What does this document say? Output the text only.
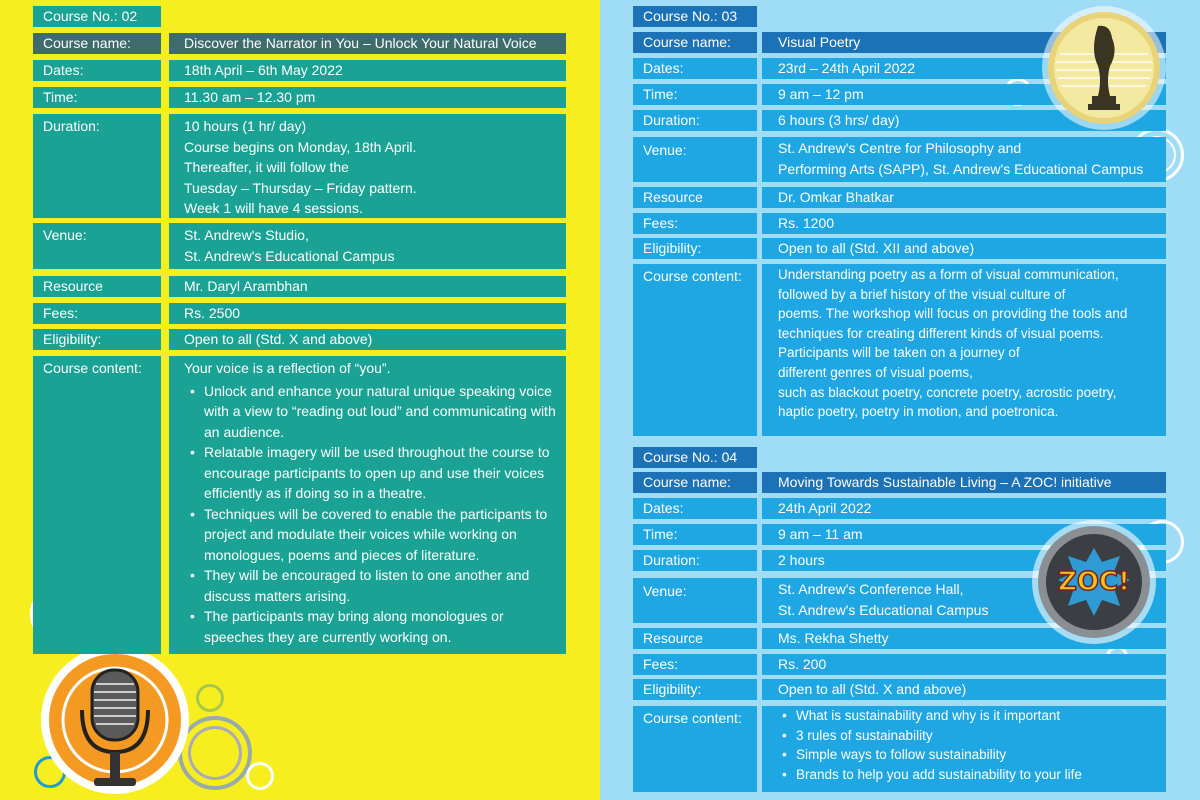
Course No.: 02
Course name:	Discover the Narrator in You – Unlock Your Natural Voice
Dates:	18th April – 6th May 2022
Time:	11.30 am – 12.30 pm
Duration:	10 hours (1 hr/ day)
Course begins on Monday, 18th April.
Thereafter, it will follow the
Tuesday – Thursday – Friday pattern.
Week 1 will have 4 sessions.
Venue:	St. Andrew's Studio,
St. Andrew's Educational Campus
Resource	Mr. Daryl Arambhan
Fees:	Rs. 2500
Eligibility:	Open to all (Std. X and above)
Course content:	Your voice is a reflection of “you”.
• Unlock and enhance your natural unique speaking voice with a view to “reading out loud” and communicating with an audience.
• Relatable imagery will be used throughout the course to encourage participants to open up and use their voices efficiently as if doing so in a theatre.
• Techniques will be covered to enable the participants to project and modulate their voices while working on monologues, poems and pieces of literature.
• They will be encouraged to listen to one another and discuss matters arising.
• The participants may bring along monologues or speeches they are currently working on.
Course No.: 03
Course name:	Visual Poetry
Dates:	23rd – 24th April 2022
Time:	9 am – 12 pm
Duration:	6 hours (3 hrs/ day)
Venue:	St. Andrew's Centre for Philosophy and
Performing Arts (SAPP), St. Andrew's Educational Campus
Resource	Dr. Omkar Bhatkar
Fees:	Rs. 1200
Eligibility:	Open to all (Std. XII and above)
Course content:	Understanding poetry as a form of visual communication,
followed by a brief history of the visual culture of
poems. The workshop will focus on providing the tools and
techniques for creating different kinds of visual poems.
Participants will be taken on a journey of
different genres of visual poems,
such as blackout poetry, concrete poetry, acrostic poetry,
haptic poetry, poetry in motion, and poetronica.
Course No.: 04
Course name:	Moving Towards Sustainable Living – A ZOC! initiative
Dates:	24th April 2022
Time:	9 am – 11 am
Duration:	2 hours
Venue:	St. Andrew's Conference Hall,
St. Andrew's Educational Campus
Resource	Ms. Rekha Shetty
Fees:	Rs. 200
Eligibility:	Open to all (Std. X and above)
Course content:
•	What is sustainability and why is it important
• 3 rules of sustainability
• Simple ways to follow sustainability
• Brands to help you add sustainability to your life
ZOC!
